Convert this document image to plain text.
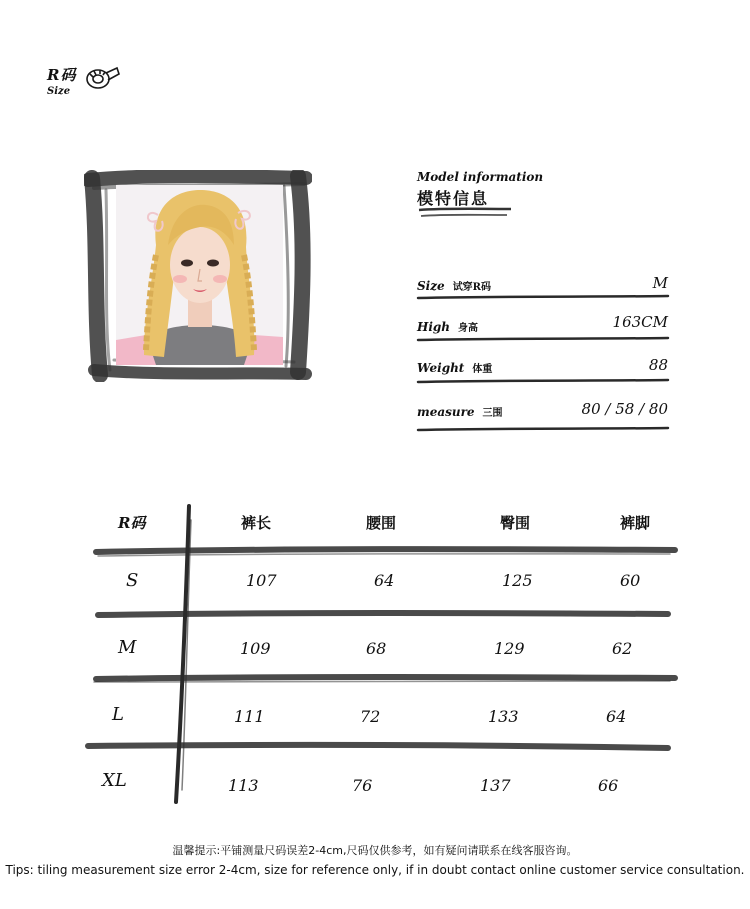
R码
Size
Model information
模特信息
Size 试穿R码	M
High 身高	163CM
Weight 体重	88
measure 三围	80 / 58 / 80
R码	裤长	腰围	臀围	裤脚
S	107	64	125	60
M	109	68	129	62
L	111	72	133	64
XL	113	76	137	66
温馨提示:平铺测量尺码误差2-4cm,尺码仅供参考，如有疑问请联系在线客服咨询。
Tips: tiling measurement size error 2-4cm, size for reference only, if in doubt contact online customer service consultation.
